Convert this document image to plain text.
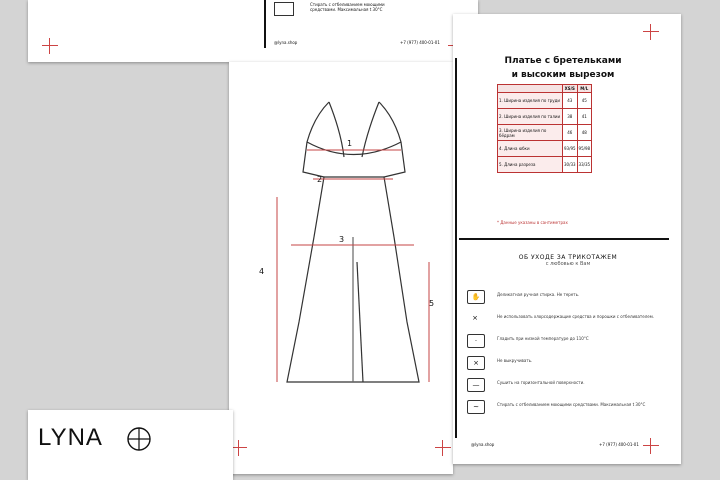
Стирать с отбеливанием моющими
средствами. Максимальная t 30°C
@lyna.shop	+7 (977) 400-01-01
1
2
3
4
5
Платье с бретельками
и высоким вырезом
	XS/S	M/L
1. Ширина изделия по груди	43	45
2. Ширина изделия по талии	38	41
3. Ширина изделия по бёдрам	46	48
4. Длина юбки	93/95	95/98
5. Длина разреза	30/33	33/35
* Данные указаны в сантиметрах
ОБ УХОДЕ ЗА ТРИКОТАЖЕМ
с любовью к Вам
✋	Деликатная ручная стирка. Не тереть.
⨯	Не использовать хлорсодержащие средства и порошки с отбеливателем.
·	Гладить при низкой температуре до 110°C
⨯	Не выкручивать.
—	Сушить на горизонтальной поверхности.
~	Стирать с отбеливанием моющими средствами. Максимальная t 30°C
@lyna.shop	+7 (977) 400-01-01
LYNA
